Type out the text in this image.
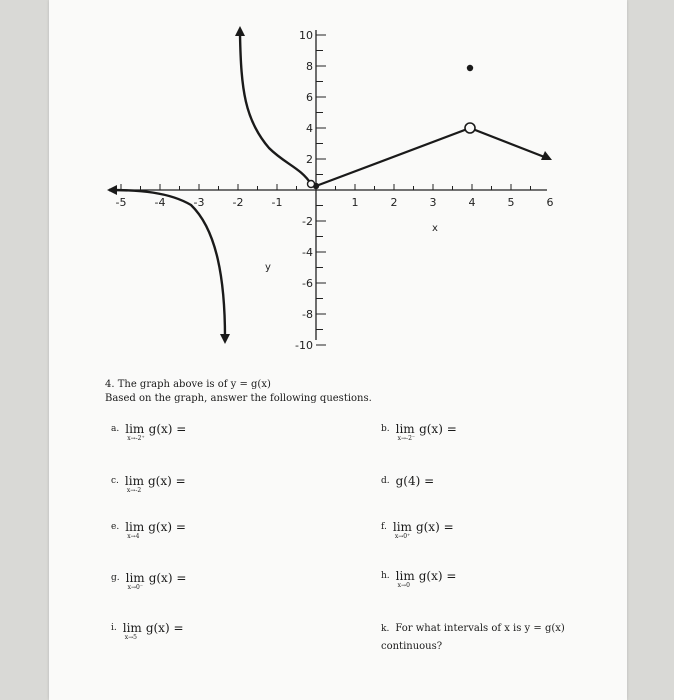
-5	-4	-3	-2	-1	1	2	3	4	5	6
10
8
6
4
2
-2
-4
-6
-8
-10
x
y
4. The graph above is of y = g(x)
Based on the graph, answer the following questions.
a. lim
x→-2⁺
g(x) =	b. lim
x→-2⁻
g(x) =
c. lim
x→-2
g(x) =	d. g(4) =
e. lim
x→4
g(x) =	f. lim
x→0⁺
g(x) =
g. lim
x→0⁻
g(x) =	h. lim
x→0
g(x) =
i. lim
x→5
g(x) =	k. For what intervals of x is y = g(x)
continuous?
